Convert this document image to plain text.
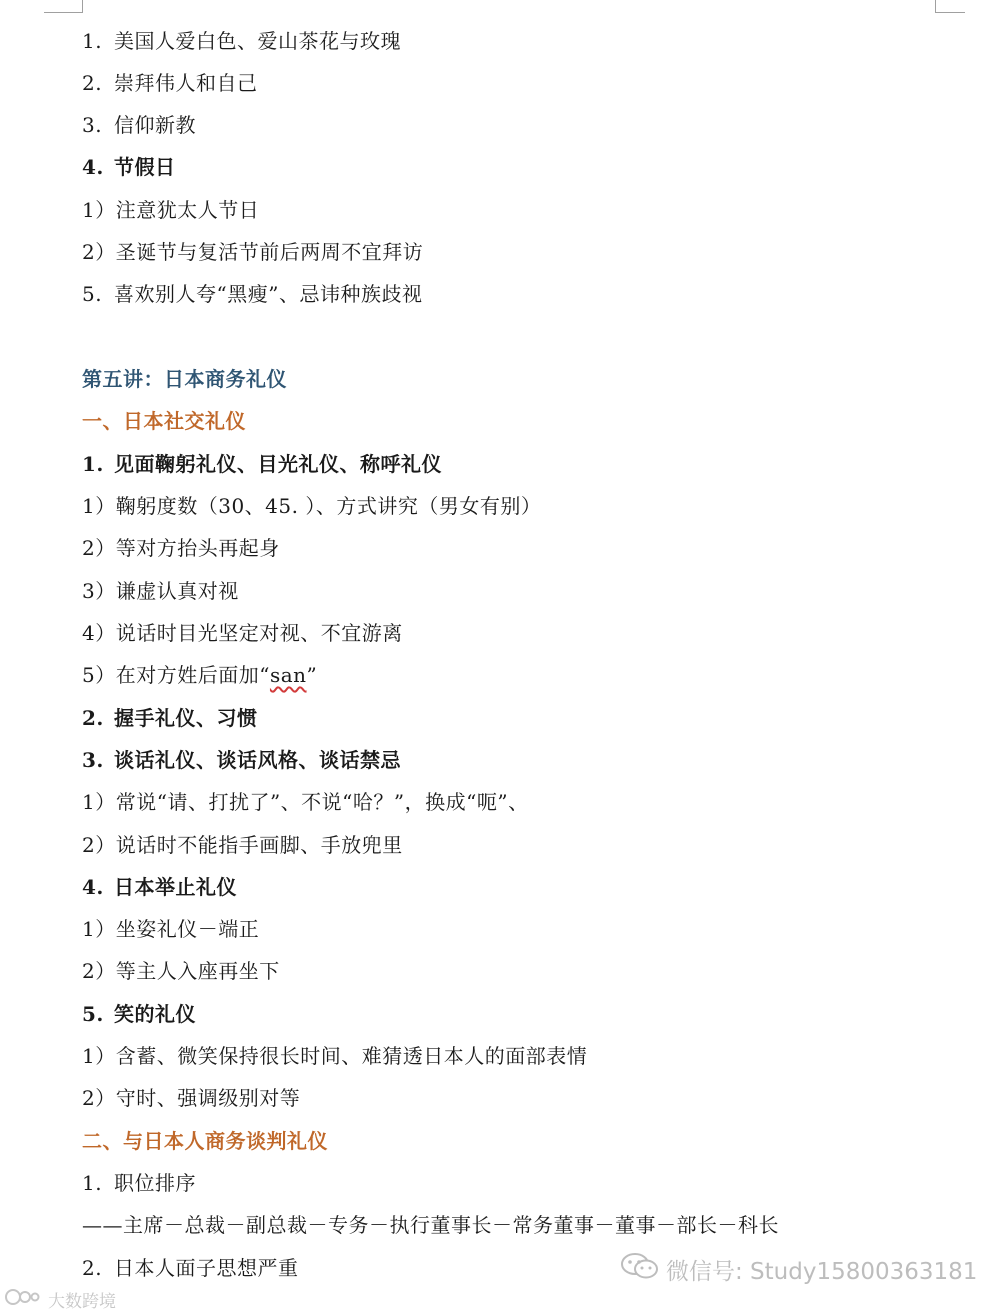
1. 美国人爱白色、爱山茶花与玫瑰
2. 崇拜伟人和自己
3. 信仰新教
4. 节假日
1）注意犹太人节日
2）圣诞节与复活节前后两周不宜拜访
5. 喜欢别人夸“黑瘦”、忌讳种族歧视
第五讲：日本商务礼仪
一、日本社交礼仪
1. 见面鞠躬礼仪、目光礼仪、称呼礼仪
1）鞠躬度数（30、45. ）、方式讲究（男女有别）
2）等对方抬头再起身
3）谦虚认真对视
4）说话时目光坚定对视、不宜游离
5）在对方姓后面加“san”
2. 握手礼仪、习惯
3. 谈话礼仪、谈话风格、谈话禁忌
1）常说“请、打扰了”、不说“哈？”，换成“呃”、
2）说话时不能指手画脚、手放兜里
4. 日本举止礼仪
1）坐姿礼仪－端正
2）等主人入座再坐下
5. 笑的礼仪
1）含蓄、微笑保持很长时间、难猜透日本人的面部表情
2）守时、强调级别对等
二、与日本人商务谈判礼仪
1. 职位排序
——主席－总裁－副总裁－专务－执行董事长－常务董事－董事－部长－科长
2. 日本人面子思想严重	微信号: Study15800363181
大数跨境
